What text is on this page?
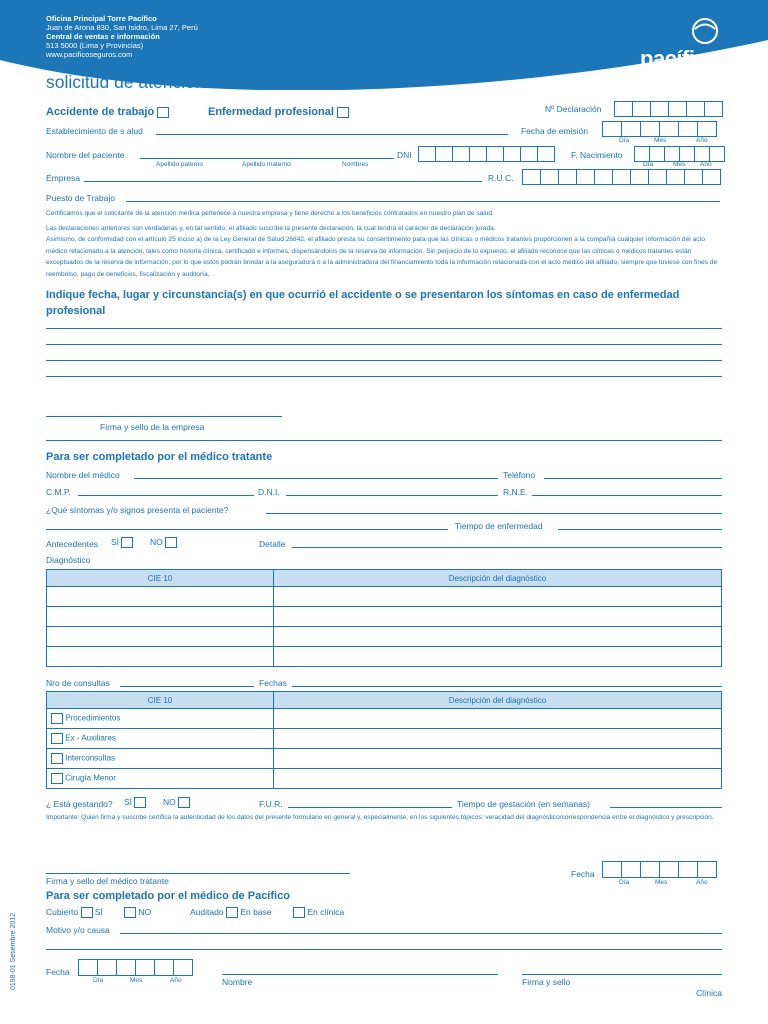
Oficina Principal Torre Pacífico
Juan de Arona 830, San Isidro, Lima 27, Perú
Central de ventas e información
513 5000 (Lima y Provincias)
www.pacificoseguros.com	pacífico
solicitud de atención médica SCTR Nº
Accidente de trabajo	Enfermedad profesional	Nº Declaración
Establecimiento de s alud	Fecha de emisión
Día	Mes	Año
Nombre del paciente
Apellido paterno	Apellido materno	Nombres
DNI	F. Nacimiento
Día	Mes Año
Empresa	R.U.C.
Puesto de Trabajo
Certificamos que el solicitante de la atención médica pertenece a nuestra empresa y tiene derecho a los beneficios contratados en nuestro plan de salud.
Las declaraciones anteriores son verdaderas y, en tal sentido, el afiliado suscribe la presente declaración, la cual tendrá el carácter de declaración jurada.
Asimismo, de conformidad con el artículo 25 inciso a) de la Ley General de Salud 26842, el afiliado presta su consentimiento para que las clínicas o médicos tratantes proporcionen a la compañía cualquier información del acto médico relacionado a la atención, tales como historia clínica, certificado e informes, dispensándolos de la reserva de información. Sin perjuicio de lo expuesto, el afiliado reconoce que las clínicas o médicos tratantes están exceptuados de la reserva de información, por lo que estos podrán brindar a la aseguradora o a la administradora del financiamiento toda la información relacionada con el acto médico del afiliado, siempre que tuviese con fines de reembolso, pago de beneficios, fiscalización y auditoría.
Indique fecha, lugar y circunstancia(s) en que ocurrió el accidente o se presentaron los síntomas en caso de enfermedad profesional
Firma y sello de la empresa
Para ser completado por el médico tratante
Nombre del médico	Teléfono
C.M.P.	D.N.I.	R.N.E.
¿Qué síntomas y/o signos presenta el paciente?
Tiempo de enfermedad
Antecedentes SÍ	NO	Detalle
Diagnóstico
CIE 10	Descripción del diagnóstico

Nro de consultas	Fechas
CIE 10	Descripción del diagnóstico
Procedimientos	
Ex - Auxiliares	
Interconsultas	
Cirugía Menor	
¿ Está gestando? SÍ	NO	F.U.R.	Tiempo de gestación (en semanas)
Importante: Quien firma y suscribe certifica la autenticidad de los datos del presente formulario en general y, especialmente, en los siguientes tópicos: veracidad del diagnóstico/correspondencia entre el diagnóstico y prescripción.
Firma y sello del médico tratante
Fecha
Día	Mes	Año
Para ser completado por el médico de Pacífico
Cubierto SÍ	NO	Auditado En base	En clínica
Motivo y/o causa
Fecha
Día	Mes	Año	Nombre	Firma y sello
Clínica
0198-01 Setiembre 2012
